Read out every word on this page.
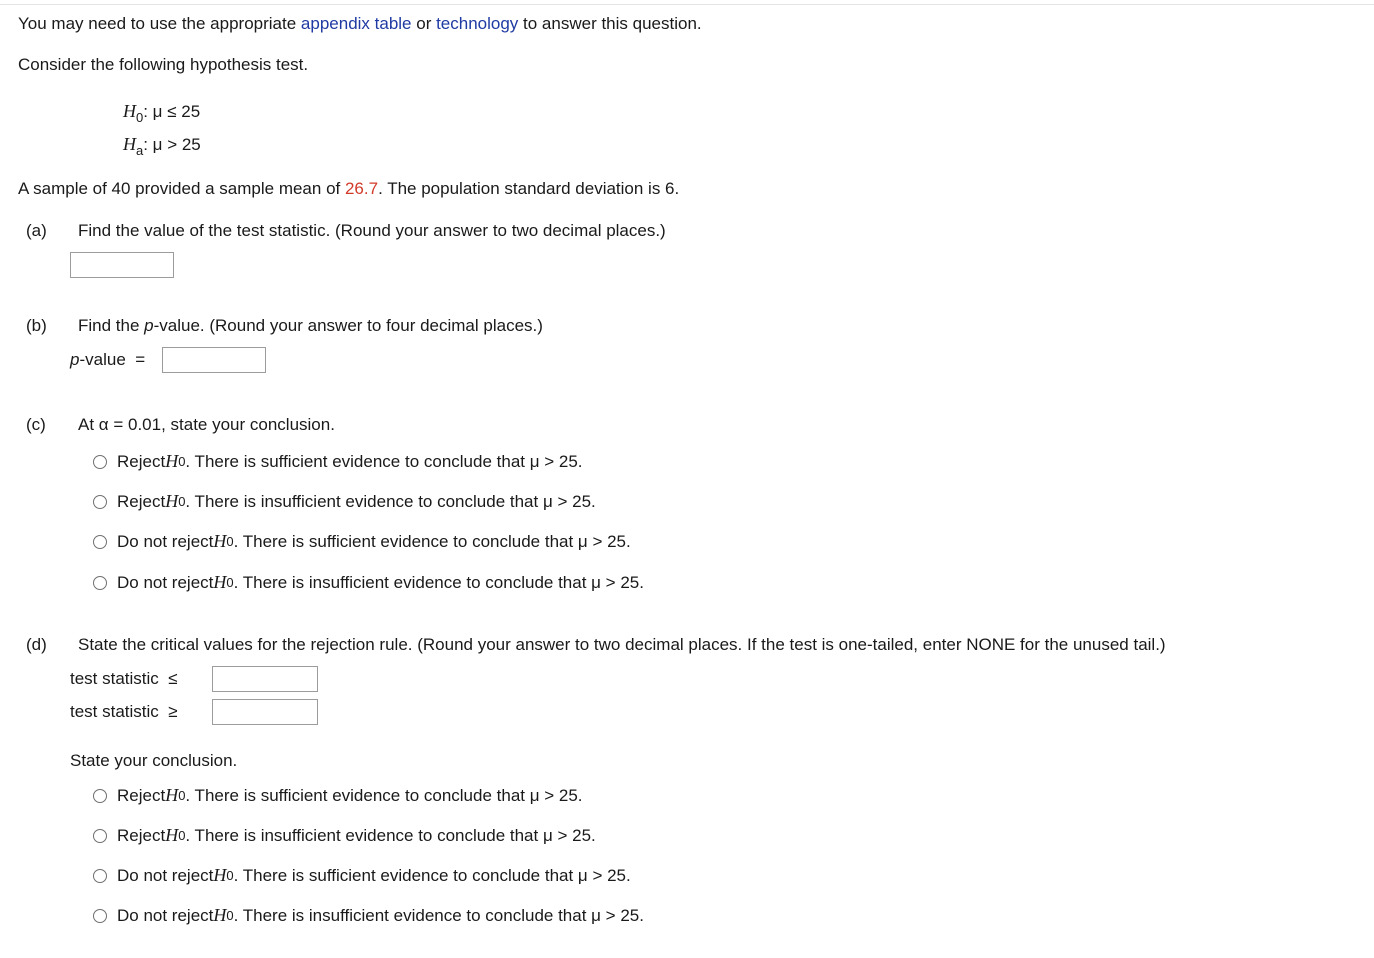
You may need to use the appropriate appendix table or technology to answer this question.
Consider the following hypothesis test.
$H_0$: μ ≤ 25
$H_a$: μ > 25
A sample of 40 provided a sample mean of 26.7. The population standard deviation is 6.
(a) Find the value of the test statistic. (Round your answer to two decimal places.)
(b) Find the p-value. (Round your answer to four decimal places.)
p-value  =
(c) At α = 0.01, state your conclusion.
Reject H 0 . There is sufficient evidence to conclude that μ > 25.
Reject H 0 . There is insufficient evidence to conclude that μ > 25.
Do not reject H 0 . There is sufficient evidence to conclude that μ > 25.
Do not reject H 0 . There is insufficient evidence to conclude that μ > 25.
(d) State the critical values for the rejection rule. (Round your answer to two decimal places. If the test is one-tailed, enter NONE for the unused tail.)
test statistic  ≤
test statistic  ≥
State your conclusion.
Reject H 0 . There is sufficient evidence to conclude that μ > 25.
Reject H 0 . There is insufficient evidence to conclude that μ > 25.
Do not reject H 0 . There is sufficient evidence to conclude that μ > 25.
Do not reject H 0 . There is insufficient evidence to conclude that μ > 25.
